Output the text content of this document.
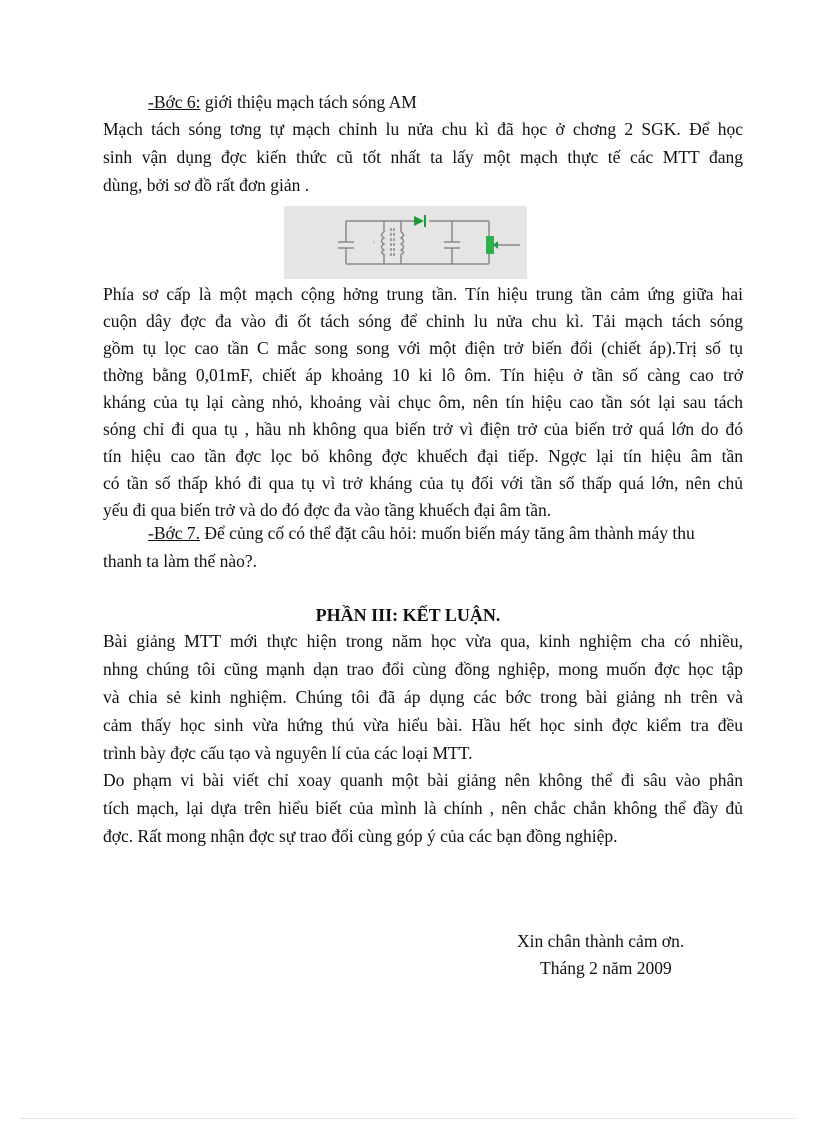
-Bớc 6: giới thiệu mạch tách sóng AM
Mạch tách sóng tơng tự mạch chỉnh lu nửa chu kì đã học ở chơng 2 SGK. Để học
sinh vận dụng đợc kiến thức cũ tốt nhất ta lấy một mạch thực tế các MTT đang
dùng, bởi sơ đồ rất đơn giản .
'
Phía sơ cấp là một mạch cộng hởng trung tần. Tín hiệu trung tần cảm ứng giữa hai
cuộn dây đợc đa vào đi ốt tách sóng để chỉnh lu nửa chu kì. Tải mạch tách sóng
gồm tụ lọc cao tần C mắc song song với một điện trở biến đổi (chiết áp).Trị số tụ
thờng bằng 0,01mF, chiết áp khoảng 10 ki lô ôm. Tín hiệu ở tần số càng cao trở
kháng của tụ lại càng nhỏ, khoảng vài chục ôm, nên tín hiệu cao tần sót lại sau tách
sóng chỉ đi qua tụ , hầu nh không qua biến trở vì điện trở của biến trở quá lớn do đó
tín hiệu cao tần đợc lọc bỏ không đợc khuếch đại tiếp. Ngợc lại tín hiệu âm tần
có tần số thấp khó đi qua tụ vì trở kháng của tụ đối với tần số thấp quá lớn, nên chủ
yếu đi qua biến trở và do đó đợc đa vào tầng khuếch đại âm tần.
-Bớc 7. Để củng cố có thể đặt câu hỏi: muốn biến máy tăng âm thành máy thu
thanh ta làm thế nào?.
PHẦN III: KẾT LUẬN.
Bài giảng MTT mới thực hiện trong năm học vừa qua, kinh nghiệm cha có nhiều,
nhng chúng tôi cũng mạnh dạn trao đổi cùng đồng nghiệp, mong muốn đợc học tập
và chia sẻ kinh nghiệm. Chúng tôi đã áp dụng các bớc trong bài giảng nh trên và
cảm thấy học sinh vừa hứng thú vừa hiểu bài. Hầu hết học sinh đợc kiểm tra đều
trình bày đợc cấu tạo và nguyên lí của các loại MTT.
Do phạm vi bài viết chỉ xoay quanh một bài giảng nên không thể đi sâu vào phân
tích mạch, lại dựa trên hiểu biết của mình là chính , nên chắc chắn không thể đầy đủ
đợc. Rất mong nhận đợc sự trao đổi cùng góp ý của các bạn đồng nghiệp.
Xin chân thành cảm ơn.
Tháng 2 năm 2009
